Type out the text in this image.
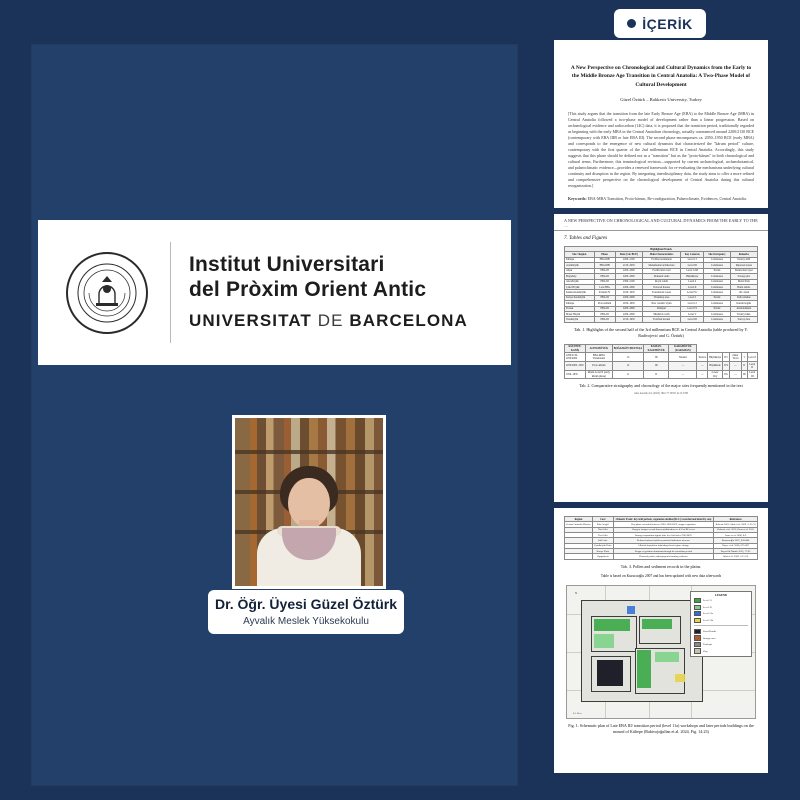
İÇERİK
Institut Universitari
del Pròxim Orient Antic
UNIVERSITAT DE BARCELONA
Dr. Öğr. Üyesi Güzel Öztürk
Ayvalık Meslek Yüksekokulu
A New Perspective on Chronological and Cultural Dynamics from the Early to the Middle Bronze Age Transition in Central Anatolia: A Two-Phase Model of Cultural Development
Güzel Öztürk – Balıkesir University, Turkey
[This study argues that the transition from the late Early Bronze Age (EBA) to the Middle Bronze Age (MBA) in Central Anatolia followed a two-phase model of development rather than a linear progression. Based on archaeological evidence and radiocarbon (14C) data, it is proposed that the transition period, traditionally regarded as beginning with the early MBA in the Central Anatolian chronology, actually commenced around 2200/2130 BCE (contemporary with EBA IIIB or late EBA III). The second phase encompasses ca. 2050–1950 BCE (early MBA) and corresponds to the emergence of new cultural dynamics that characterized the "kārum period" culture, contemporary with the first quarter of the 2nd millennium BCE in Central Anatolia. Accordingly, this study suggests that this phase should be defined not as a "transition" but as the "proto-kārum" in both chronological and cultural terms. Furthermore, this terminological revision—supported by current archaeological, archaeobotanical, and palaeoclimatic evidence—provides a renewed framework for re-evaluating the mechanisms underlying cultural continuity and disruption in the region. By integrating interdisciplinary data, the study aims to offer a more refined and comprehensive perspective on the chronological development of Central Anatolia during this cultural reorganization.]
Keywords: EBA-MBA Transition, Proto-kārum, Re-configuration, Palaeoclimate, Evidences, Central Anatolia.
A NEW PERSPECTIVE ON CHRONOLOGICAL AND CULTURAL DYNAMICS FROM THE EARLY TO THE …
7. Tables and Figures
Highlighted Trends						
Site / Region	Phase	Date (Cal. BCE)	Main Characteristics	Key Contexts	Site Occupancy	Remarks
Kültepe	EBA IIIB	2200–2100	Fortified settlement	Level 13	Continuous	Pottery shift
Acemhöyük	EBA IIIB	2150–2050	Monumental architecture	Level III	Continuous	Imported wares
Alişar	EBA III	2200–2000	Fortification wall	Level 12M	Partial	Destruction layer
Boğazköy	EBA III	2200–2000	Domestic units	Büyükkaya	Continuous	Storage pits
Alacahöyük	EBA III	2300–2100	Royal tombs	Level 4	Continuous	Metal finds
Çadır Höyük	Late EBA	2200–2000	Terraced houses	Level II	Continuous	Burnt debris
Kaman-Kalehöyük	Stratum IV	2100–1950	Transitional wares	Level IVc	Continuous	14C dated
Konya Karahöyük	EBA III	2200–2000	Workshop area	Level I	Partial	Kiln remains
Kültepe	Proto-kārum	2050–1950	New ceramic styles	Level 12	Continuous	Karum begins
Porsuk	EBA III	2200–2000	Rampart	Level VI	Partial	Abandonment
Maşat Höyük	EBA III	2200–2000	Mudbrick walls	Level V	Continuous	Pottery links
Yassıhöyük	EBA III	2150–1950	Fortified mound	Level III	Continuous	Survey data
Tab. 1. Highlights of the second half of the 3rd millennium BCE in Central Anatolia (table produced by Y. Radivojević and G. Öztürk)
KÜLTEPE-KANİŞ	ACEM HÖYÜK	BOĞAZKÖY/HATTUŞA	KAMAN-KALEHÖYÜK	KARAHÖYÜK (KARAMAN)						
2200/2130–2050/2000	EBA-MBA Transitional	13	III	Mound	Terrace	Büyükkaya	IVc	Outer Town	I	Level I
2050/2000–1950	Proto-kārum	12	III	—	—	Büyükkale	IVb	—	II	Level II
1950–1835	kārum Level II (early kārum phase)	11	II	—	—	Lower City	IVa	—	III	Level III
Tab. 2. Comparative stratigraphy and chronology of the major sites frequently mentioned in the text
Anta Aeranda 4/2 (2023) 189-177 ISSN: 4113-5786
Region	Core	Climatic Event: dry/arid periods, vegetation decline (RCC) recorded and interdry step	References
Central Anatolia Plateau	Eski Acıgöl	Dry phase recorded between 2200–1900 BCE, steppe expansion	Roberts 2001; Jalut et al. 2009, 3-15 (3)
	Nar Gölü	Oxygen isotope record shows aridification ca. 4.2 ka BP event	Roberts et al. 2011; Dean et al. 2015
	Tuz Gölü	Strong evaporation signal; lake level fall after 2200 BCE	Jones et al. 2006, 6-9
	Salt Lake	Reduced arboreal pollen; pastoral indicators increase	Kuzucuoğlu 2007, 459-480
	Çatalhöyük Plain	Alluvial deposition indicating flood regime change	Boyer et al. 2006, 675-687
	Konya Plain	Steppe vegetation dominant through the transition period	Baysal & Öztürk 2020, 77-92
	Cappadocia	Charcoal peaks; anthropogenic burning evidence	Jalut et al. 2009, 3-15 (3)
Tab. 3. Pollen and sediment records in the plains.
Table is based on Kuzucuoğlu 2007 and has been updated with new data afterwards
N
LEGEND
Level 11
Level 10
Level 11a
Level 11b
Oven/Hearth
Storage area
Trash pit
Clay
0 5 10 m
Fig. 1. Schematic plan of Late EBA III/ transition period (level 11a) workshops and later periods buildings on the mound of Kültepe (Rabivojoğullan et al. 2024, Fig. 14:23)
